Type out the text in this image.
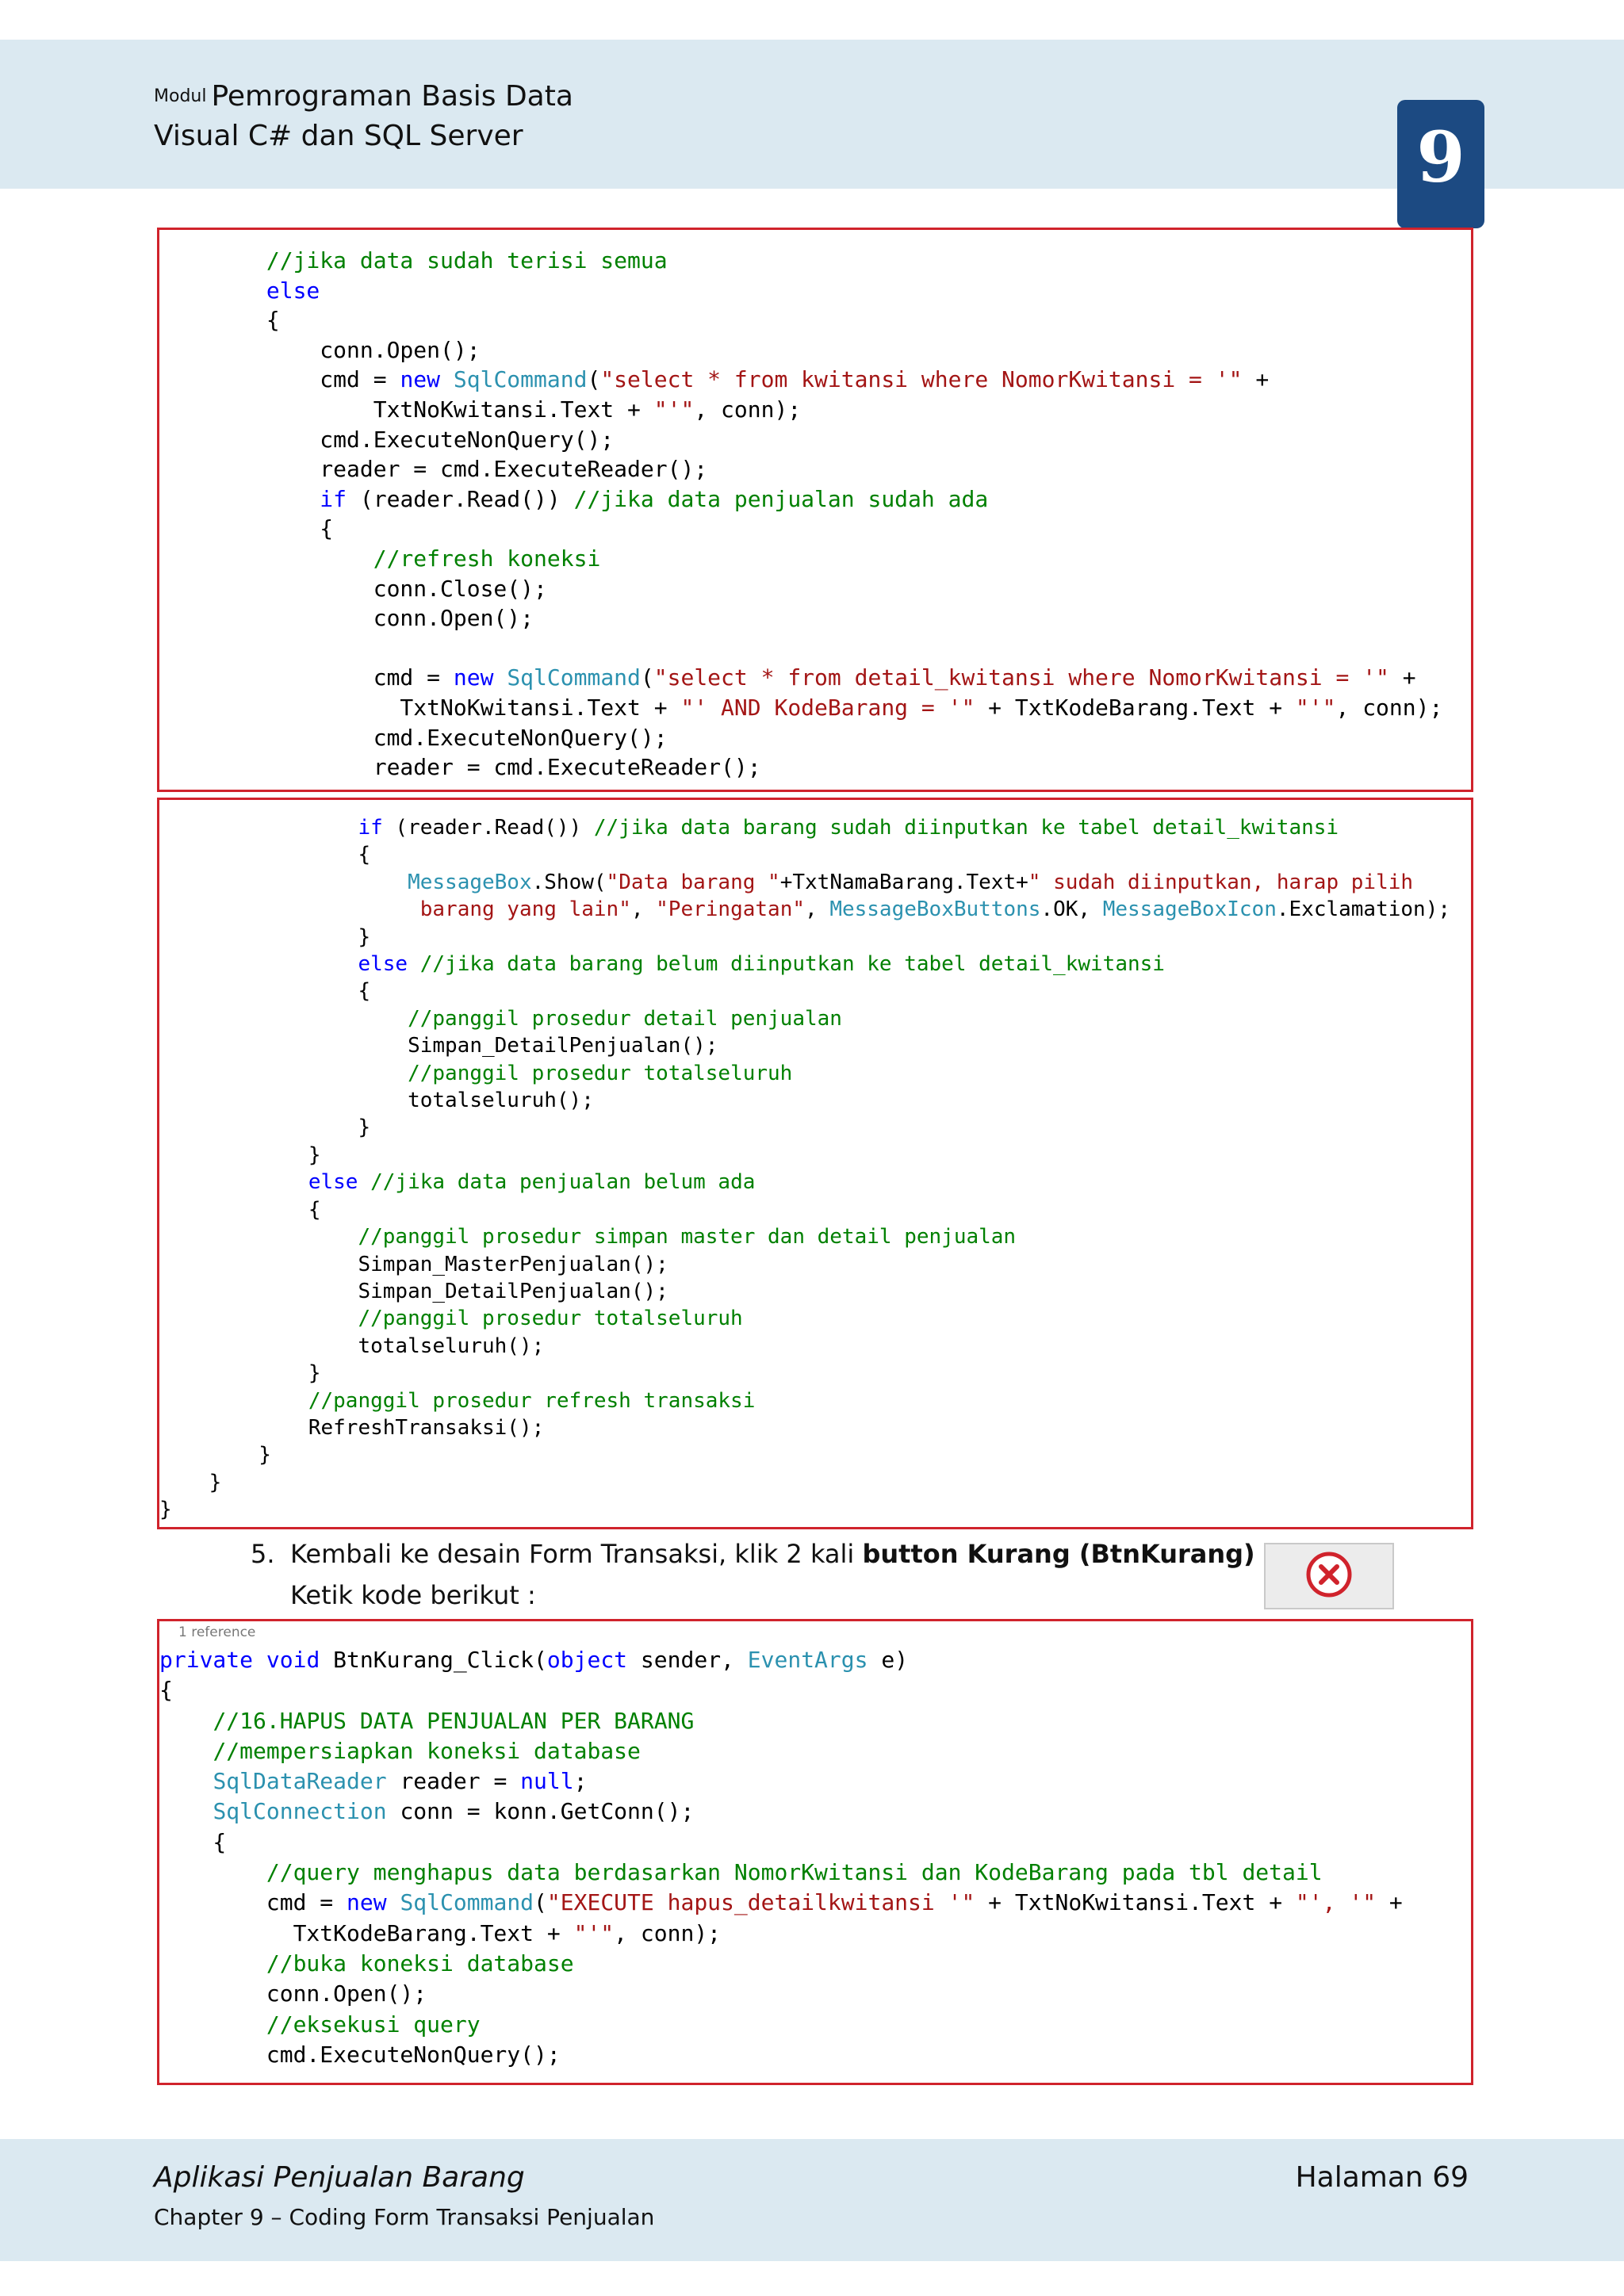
$^{Modul}$ Pemrograman Basis Data
Visual C# dan SQL Server	9
//jika data sudah terisi semua
else
{
conn.Open();
cmd = new SqlCommand("select * from kwitansi where NomorKwitansi = '" +
TxtNoKwitansi.Text + "'", conn);
cmd.ExecuteNonQuery();
reader = cmd.ExecuteReader();
if (reader.Read()) //jika data penjualan sudah ada
{
//refresh koneksi
conn.Close();
conn.Open();

cmd = new SqlCommand("select * from detail_kwitansi where NomorKwitansi = '" +
TxtNoKwitansi.Text + "' AND KodeBarang = '" + TxtKodeBarang.Text + "'", conn);
cmd.ExecuteNonQuery();
reader = cmd.ExecuteReader();
if (reader.Read()) //jika data barang sudah diinputkan ke tabel detail_kwitansi
{
MessageBox.Show("Data barang "+TxtNamaBarang.Text+" sudah diinputkan, harap pilih
barang yang lain", "Peringatan", MessageBoxButtons.OK, MessageBoxIcon.Exclamation);
}
else //jika data barang belum diinputkan ke tabel detail_kwitansi
{
//panggil prosedur detail penjualan
Simpan_DetailPenjualan();
//panggil prosedur totalseluruh
totalseluruh();
}
}
else //jika data penjualan belum ada
{
//panggil prosedur simpan master dan detail penjualan
Simpan_MasterPenjualan();
Simpan_DetailPenjualan();
//panggil prosedur totalseluruh
totalseluruh();
}
//panggil prosedur refresh transaksi
RefreshTransaksi();
}
}
}
5. Kembali ke desain Form Transaksi, klik 2 kali button Kurang (BtnKurang)
Ketik kode berikut :
1 reference
private void BtnKurang_Click(object sender, EventArgs e)
{
//16.HAPUS DATA PENJUALAN PER BARANG
//mempersiapkan koneksi database
SqlDataReader reader = null;
SqlConnection conn = konn.GetConn();
{
//query menghapus data berdasarkan NomorKwitansi dan KodeBarang pada tbl detail
cmd = new SqlCommand("EXECUTE hapus_detailkwitansi '" + TxtNoKwitansi.Text + "', '" +
TxtKodeBarang.Text + "'", conn);
//buka koneksi database
conn.Open();
//eksekusi query
cmd.ExecuteNonQuery();
Aplikasi Penjualan Barang
Chapter 9 – Coding Form Transaksi Penjualan
Halaman 69
